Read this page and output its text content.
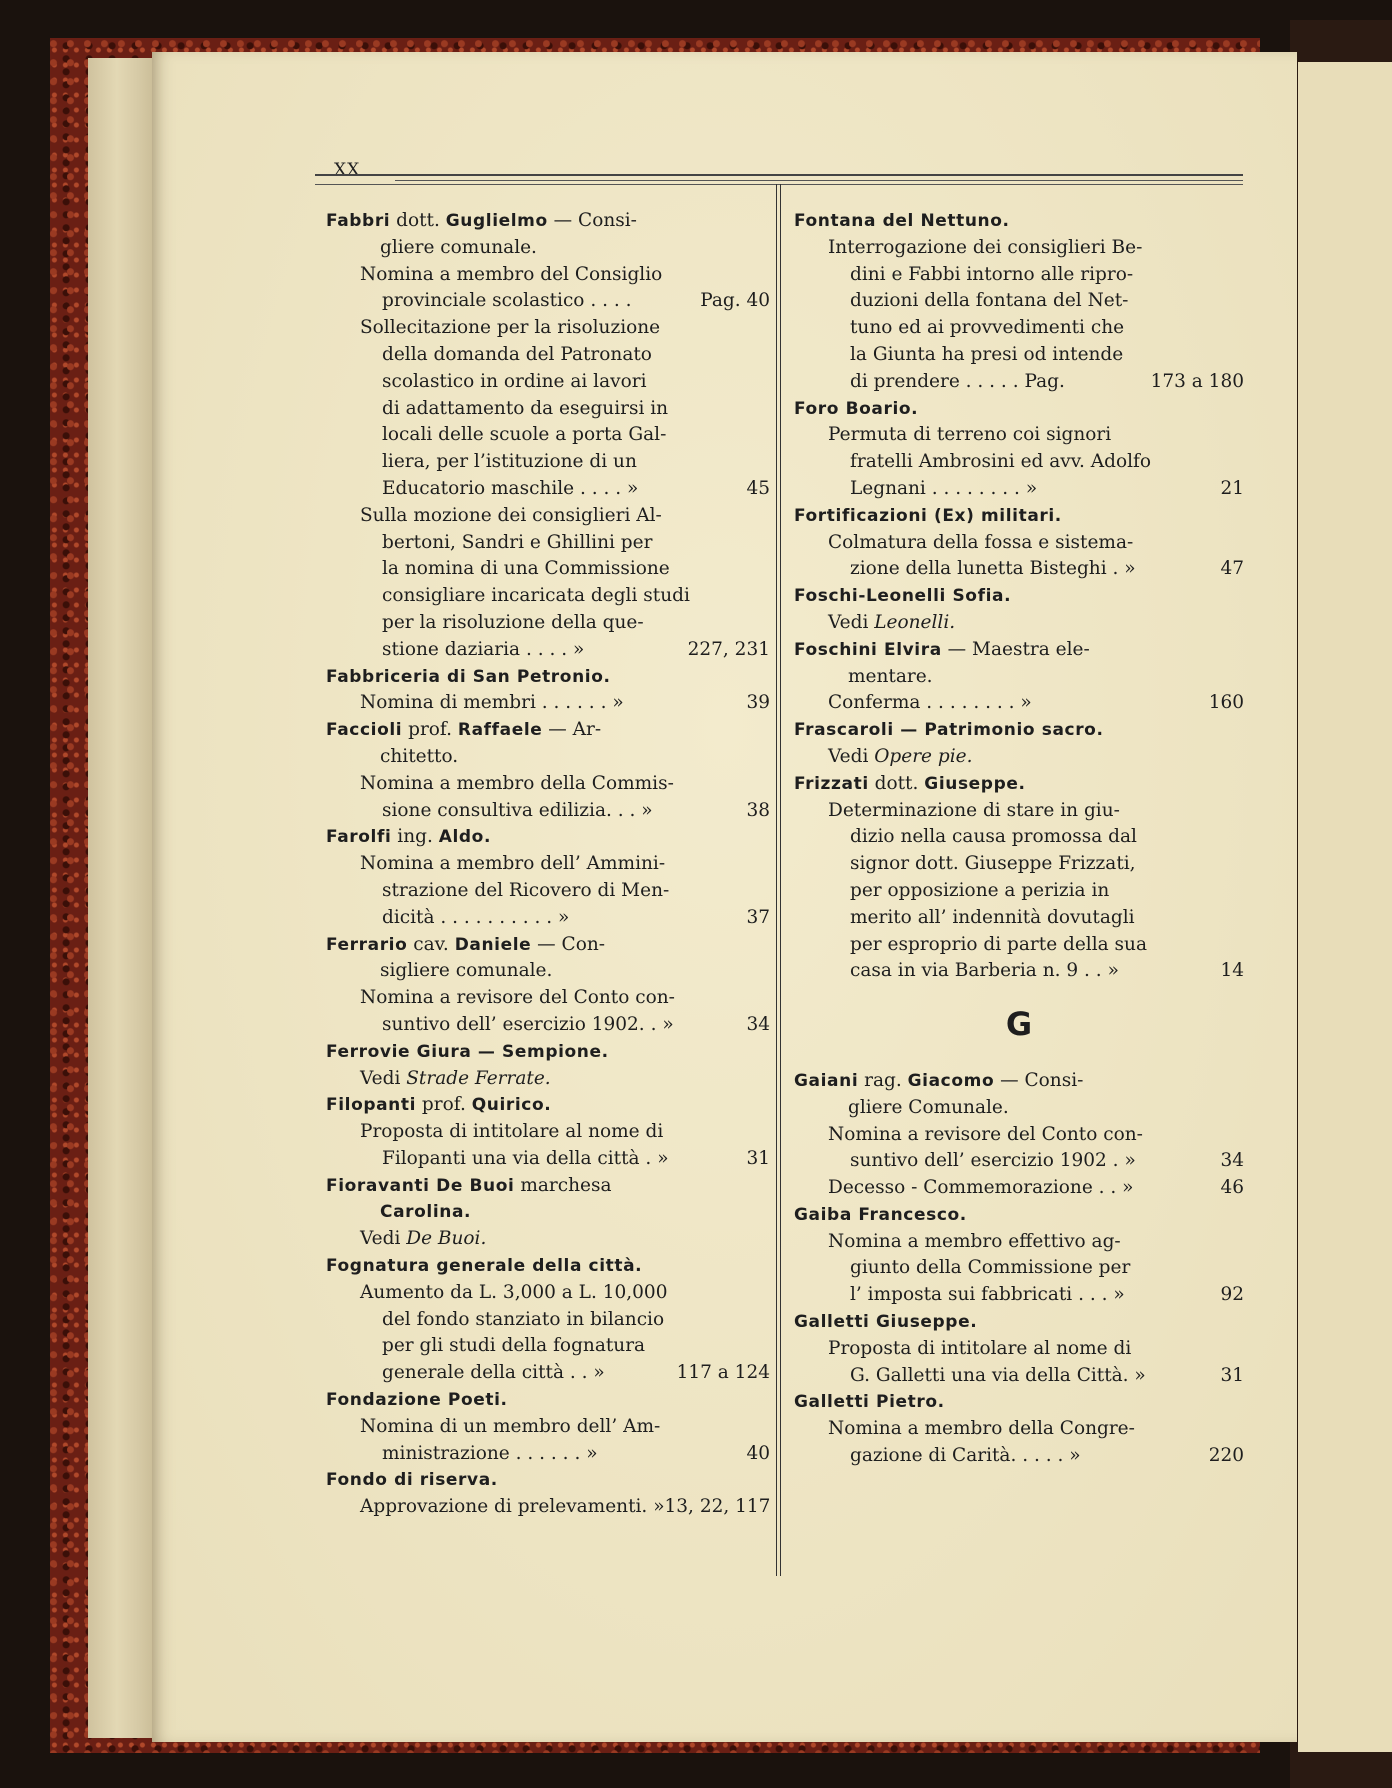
XX
Fabbri dott. Guglielmo — Consi-
gliere comunale.
Nomina a membro del Consiglio
provinciale scolastico . . . .	Pag. 40
Sollecitazione per la risoluzione
della domanda del Patronato
scolastico in ordine ai lavori
di adattamento da eseguirsi in
locali delle scuole a porta Gal-
liera, per l’istituzione di un
Educatorio maschile . . . . »	45
Sulla mozione dei consiglieri Al-
bertoni, Sandri e Ghillini per
la nomina di una Commissione
consigliare incaricata degli studi
per la risoluzione della que-
stione daziaria . . . . »	227, 231
Fabbriceria di San Petronio.
Nomina di membri . . . . . . »	39
Faccioli prof. Raffaele — Ar-
chitetto.
Nomina a membro della Commis-
sione consultiva edilizia. . . »	38
Farolfi ing. Aldo.
Nomina a membro dell’ Ammini-
strazione del Ricovero di Men-
dicità . . . . . . . . . . »	37
Ferrario cav. Daniele — Con-
sigliere comunale.
Nomina a revisore del Conto con-
suntivo dell’ esercizio 1902. . »	34
Ferrovie Giura — Sempione.
Vedi Strade Ferrate.
Filopanti prof. Quirico.
Proposta di intitolare al nome di
Filopanti una via della città . »	31
Fioravanti De Buoi marchesa
Carolina.
Vedi De Buoi.
Fognatura generale della città.
Aumento da L. 3,000 a L. 10,000
del fondo stanziato in bilancio
per gli studi della fognatura
generale della città . . »	117 a 124
Fondazione Poeti.
Nomina di un membro dell’ Am-
ministrazione . . . . . . »	40
Fondo di riserva.
Approvazione di prelevamenti. » 13, 22, 117
Fontana del Nettuno.
Interrogazione dei consiglieri Be-
dini e Fabbi intorno alle ripro-
duzioni della fontana del Net-
tuno ed ai provvedimenti che
la Giunta ha presi od intende
di prendere . . . . . Pag.	173 a 180
Foro Boario.
Permuta di terreno coi signori
fratelli Ambrosini ed avv. Adolfo
Legnani . . . . . . . . »	21
Fortificazioni (Ex) militari.
Colmatura della fossa e sistema-
zione della lunetta Bisteghi . »	47
Foschi-Leonelli Sofia.
Vedi Leonelli.
Foschini Elvira — Maestra ele-
mentare.
Conferma . . . . . . . . »	160
Frascaroli — Patrimonio sacro.
Vedi Opere pie.
Frizzati dott. Giuseppe.
Determinazione di stare in giu-
dizio nella causa promossa dal
signor dott. Giuseppe Frizzati,
per opposizione a perizia in
merito all’ indennità dovutagli
per esproprio di parte della sua
casa in via Barberia n. 9 . . »	14
G
Gaiani rag. Giacomo — Consi-
gliere Comunale.
Nomina a revisore del Conto con-
suntivo dell’ esercizio 1902 . »	34
Decesso - Commemorazione . . »	46
Gaiba Francesco.
Nomina a membro effettivo ag-
giunto della Commissione per
l’ imposta sui fabbricati . . . »	92
Galletti Giuseppe.
Proposta di intitolare al nome di
G. Galletti una via della Città. »	31
Galletti Pietro.
Nomina a membro della Congre-
gazione di Carità. . . . . »	220
